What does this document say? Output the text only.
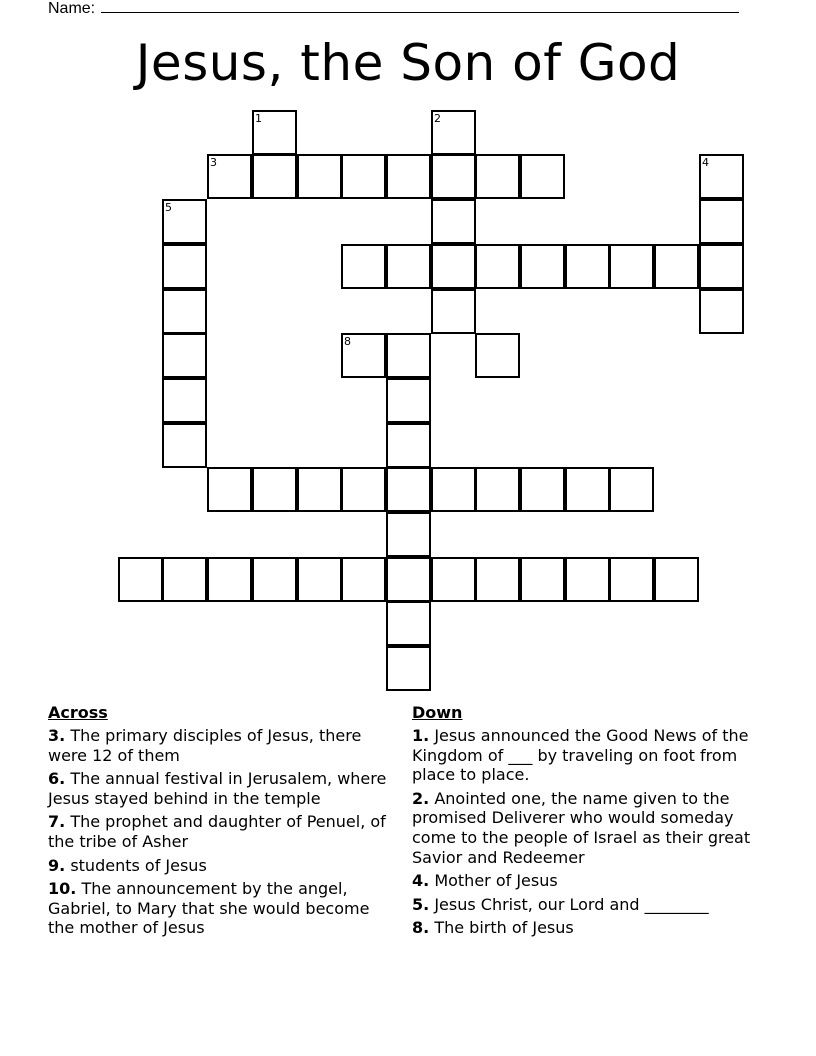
Name:
Jesus, the Son of God
1	2
3	4
5
8
Across
3. The primary disciples of Jesus, there were 12 of them
6. The annual festival in Jerusalem, where Jesus stayed behind in the temple
7. The prophet and daughter of Penuel, of the tribe of Asher
9. students of Jesus
10. The announcement by the angel, Gabriel, to Mary that she would become the mother of Jesus
Down
1. Jesus announced the Good News of the Kingdom of ___ by traveling on foot from place to place.
2. Anointed one, the name given to the promised Deliverer who would someday come to the people of Israel as their great Savior and Redeemer
4. Mother of Jesus
5. Jesus Christ, our Lord and ________
8. The birth of Jesus
